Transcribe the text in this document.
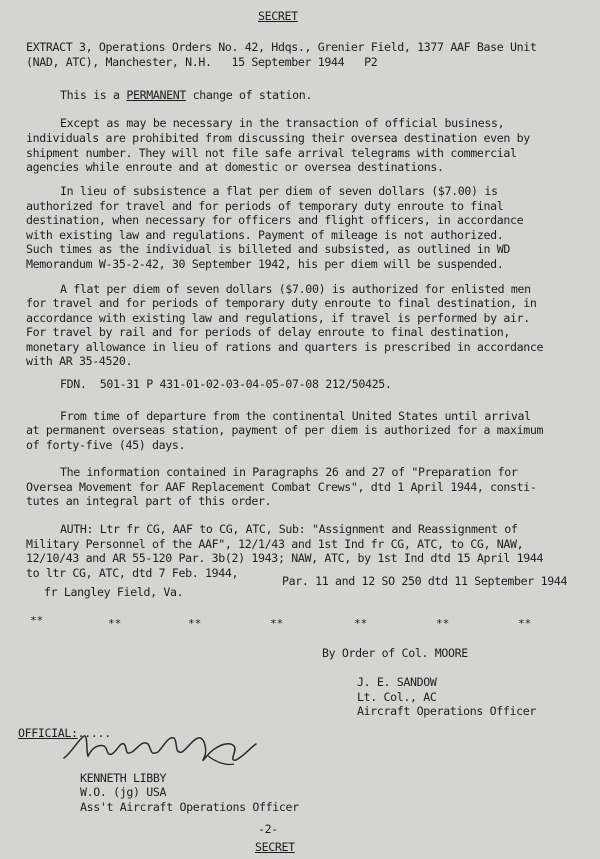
SECRET
EXTRACT 3, Operations Orders No. 42, Hdqs., Grenier Field, 1377 AAF Base Unit
(NAD, ATC), Manchester, N.H.   15 September 1944   P2
This is a PERMANENT change of station.
Except as may be necessary in the transaction of official business,
individuals are prohibited from discussing their oversea destination even by
shipment number. They will not file safe arrival telegrams with commercial
agencies while enroute and at domestic or oversea destinations.
In lieu of subsistence a flat per diem of seven dollars ($7.00) is
authorized for travel and for periods of temporary duty enroute to final
destination, when necessary for officers and flight officers, in accordance
with existing law and regulations. Payment of mileage is not authorized.
Such times as the individual is billeted and subsisted, as outlined in WD
Memorandum W-35-2-42, 30 September 1942, his per diem will be suspended.
A flat per diem of seven dollars ($7.00) is authorized for enlisted men
for travel and for periods of temporary duty enroute to final destination, in
accordance with existing law and regulations, if travel is performed by air.
For travel by rail and for periods of delay enroute to final destination,
monetary allowance in lieu of rations and quarters is prescribed in accordance
with AR 35-4520.
FDN.  501-31 P 431-01-02-03-04-05-07-08 212/50425.
From time of departure from the continental United States until arrival
at permanent overseas station, payment of per diem is authorized for a maximum
of forty-five (45) days.
The information contained in Paragraphs 26 and 27 of "Preparation for
Oversea Movement for AAF Replacement Combat Crews", dtd 1 April 1944, consti-
tutes an integral part of this order.
AUTH: Ltr fr CG, AAF to CG, ATC, Sub: "Assignment and Reassignment of
Military Personnel of the AAF", 12/1/43 and 1st Ind fr CG, ATC, to CG, NAW,
12/10/43 and AR 55-120 Par. 3b(2) 1943; NAW, ATC, by 1st Ind dtd 15 April 1944
to ltr CG, ATC, dtd 7 Feb. 1944,
Par. 11 and 12 SO 250 dtd 11 September 1944
fr Langley Field, Va.
**	**	**	**	**	**	**
By Order of Col. MOORE
J. E. SANDOW
Lt. Col., AC
Aircraft Operations Officer
OFFICIAL:.....
KENNETH LIBBY
W.O. (jg) USA
Ass't Aircraft Operations Officer
-2-
SECRET
